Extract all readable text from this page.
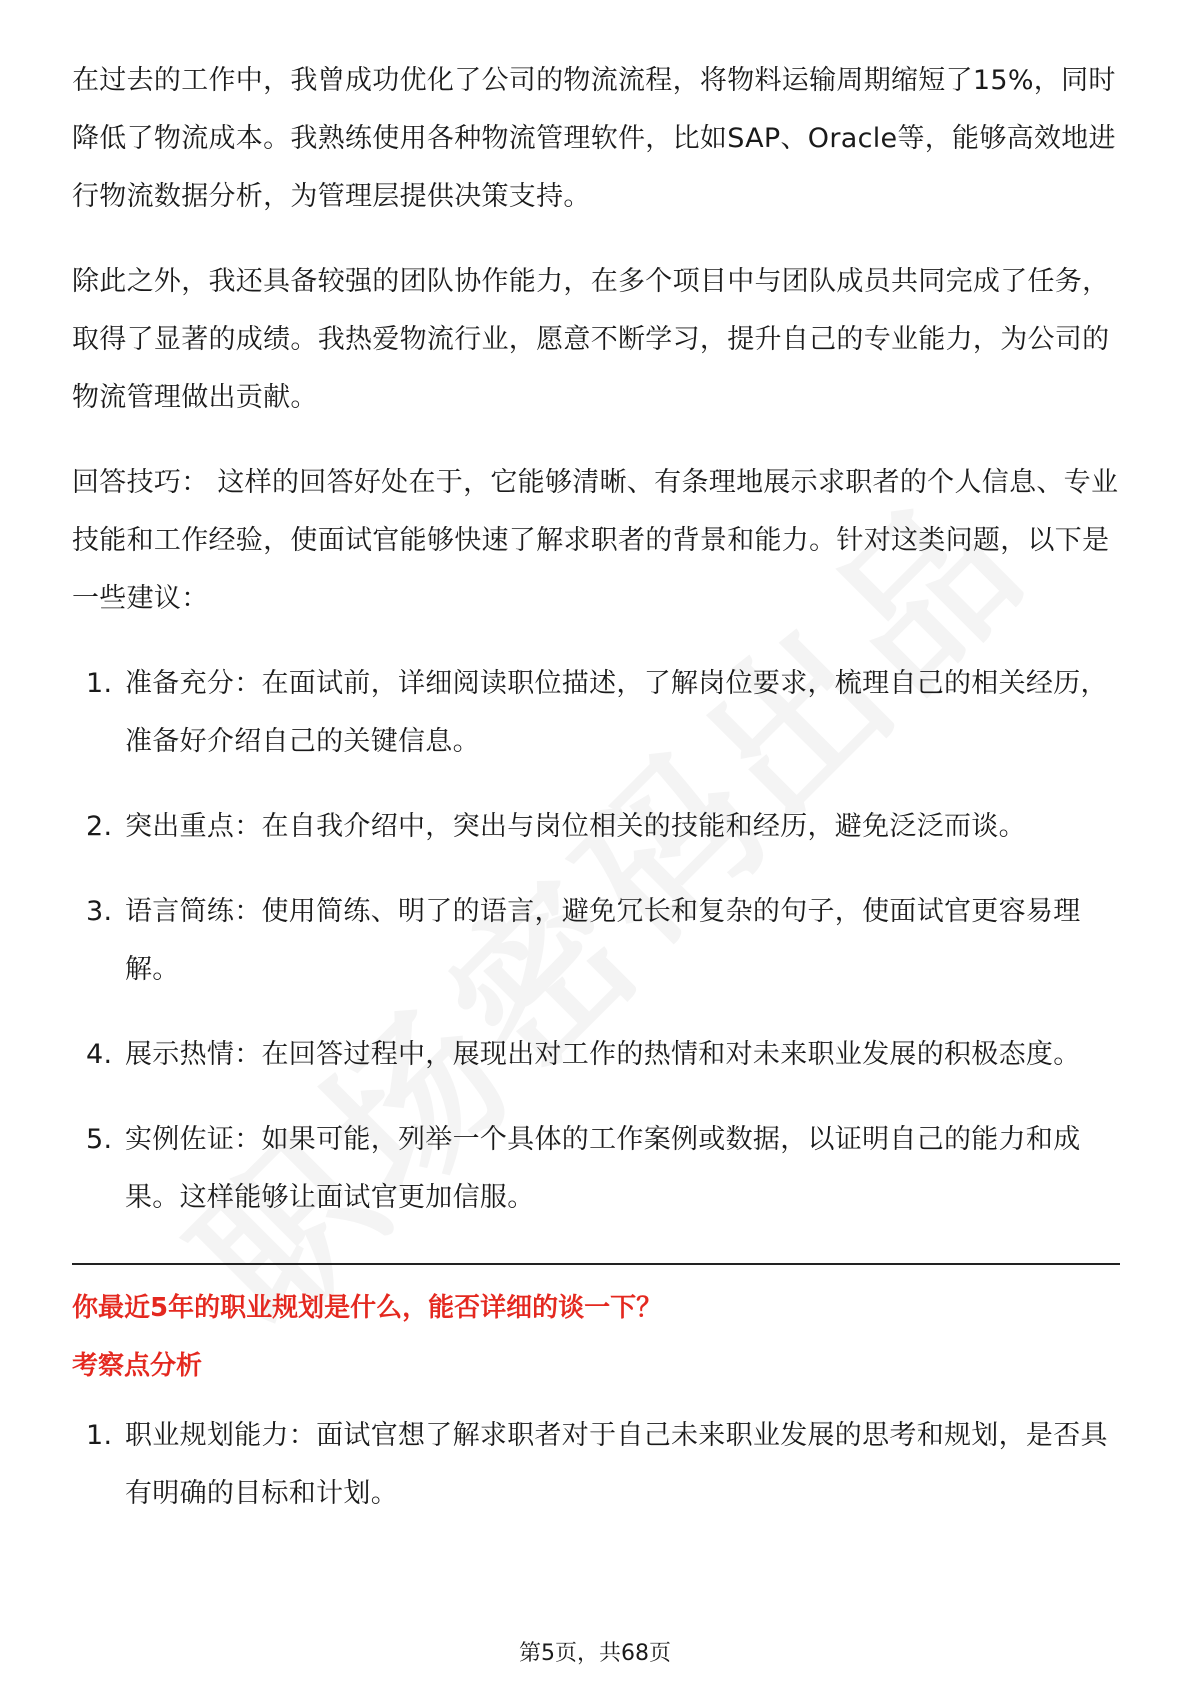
在过去的工作中，我曾成功优化了公司的物流流程，将物料运输周期缩短了15%，同时降低了物流成本。我熟练使用各种物流管理软件，比如SAP、Oracle等，能够高效地进行物流数据分析，为管理层提供决策支持。

除此之外，我还具备较强的团队协作能力，在多个项目中与团队成员共同完成了任务，取得了显著的成绩。我热爱物流行业，愿意不断学习，提升自己的专业能力，为公司的物流管理做出贡献。

回答技巧： 这样的回答好处在于，它能够清晰、有条理地展示求职者的个人信息、专业技能和工作经验，使面试官能够快速了解求职者的背景和能力。针对这类问题，以下是一些建议：

1. 准备充分：在面试前，详细阅读职位描述，了解岗位要求，梳理自己的相关经历，准备好介绍自己的关键信息。
2. 突出重点：在自我介绍中，突出与岗位相关的技能和经历，避免泛泛而谈。
3. 语言简练：使用简练、明了的语言，避免冗长和复杂的句子，使面试官更容易理解。
4. 展示热情：在回答过程中，展现出对工作的热情和对未来职业发展的积极态度。
5. 实例佐证：如果可能，列举一个具体的工作案例或数据，以证明自己的能力和成果。这样能够让面试官更加信服。
你最近5年的职业规划是什么，能否详细的谈一下？
考察点分析
1. 职业规划能力：面试官想了解求职者对于自己未来职业发展的思考和规划，是否具有明确的目标和计划。
第5页，共68页
